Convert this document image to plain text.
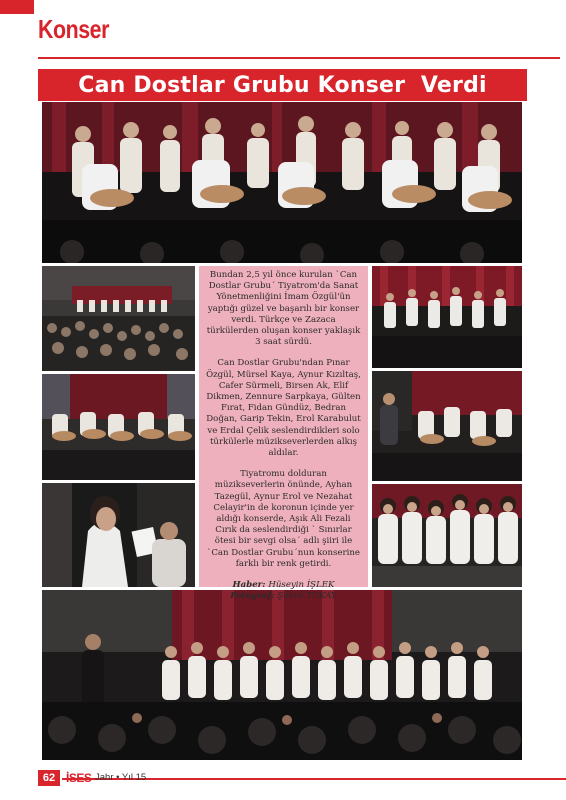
Konser
Can Dostlar Grubu Konser  Verdi

Bundan 2,5 yıl önce kurulan `Can Dostlar Grubu´ Tiyatrom'da Sanat Yönetmenliğini İmam Özgül'ün yaptığı güzel ve başarılı bir konser verdi. Türkçe ve Zazaca türkülerden oluşan konser yaklaşık 3 saat sürdü.

Can Dostlar Grubu'ndan Pınar Özgül, Mürsel Kaya, Aynur Kızıltaş, Cafer Sürmeli, Birsen Ak, Elif Dikmen, Zennure Sarpkaya, Gülten Fırat, Fidan Gündüz, Bedran Doğan, Garip Tekin, Erol Karabulut ve Erdal Çelik seslendirdikleri solo türkülerle müzikseverlerden alkış aldılar.

Tiyatromu dolduran müzikseverlerin önünde, Ayhan Tazegül, Aynur Erol ve Nezahat Celayir'in de koronun içinde yer aldığı konserde, Aşık Ali Fezali Cırık da seslendirdiği ` Sınırlar ötesi bir sevgi olsa´ adlı şiiri ile `Can Dostlar Grubu´nun konserine farklı bir renk getirdi.

Haber: Hüseyin İŞLEK

Fotograf: Şükrü TOKAY

62 İSES Jahr • Yıl 15
